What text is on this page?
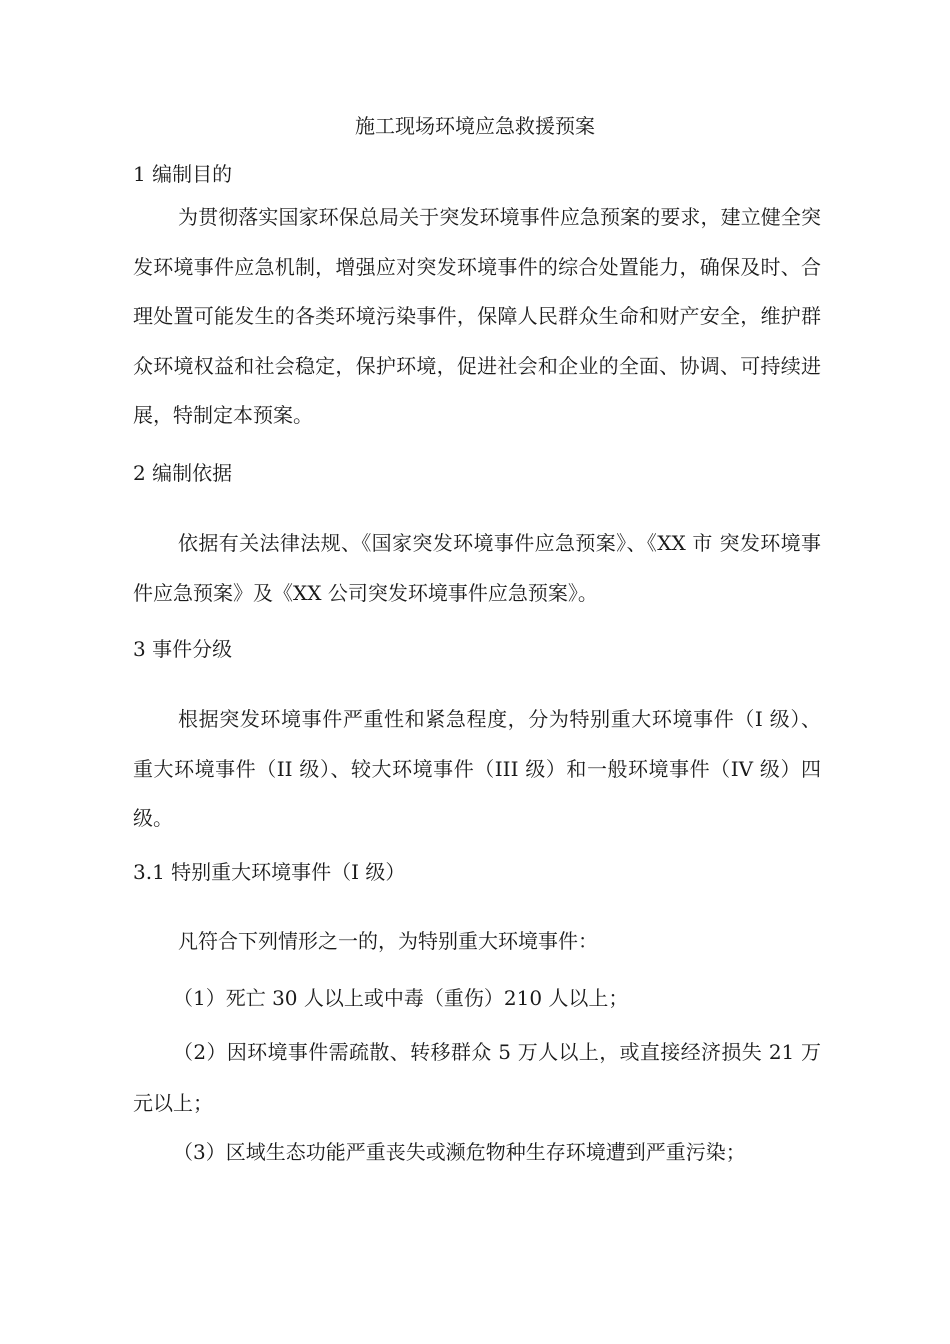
施工现场环境应急救援预案
1 编制目的

为贯彻落实国家环保总局关于突发环境事件应急预案的要求，建立健全突发环境事件应急机制，增强应对突发环境事件的综合处置能力，确保及时、合理处置可能发生的各类环境污染事件，保障人民群众生命和财产安全，维护群众环境权益和社会稳定，保护环境，促进社会和企业的全面、协调、可持续进展，特制定本预案。

2 编制依据

依据有关法律法规、《国家突发环境事件应急预案》、《XX 市 突发环境事件应急预案》及《XX 公司突发环境事件应急预案》。

3 事件分级

根据突发环境事件严重性和紧急程度，分为特别重大环境事件（I 级）、重大环境事件（II 级）、较大环境事件（III 级）和一般环境事件（IV 级）四级。

3.1 特别重大环境事件（I 级）

凡符合下列情形之一的，为特别重大环境事件：

（1）死亡 30 人以上或中毒（重伤）210 人以上；

（2）因环境事件需疏散、转移群众 5 万人以上，或直接经济损失 21 万元以上；

（3）区域生态功能严重丧失或濒危物种生存环境遭到严重污染；
